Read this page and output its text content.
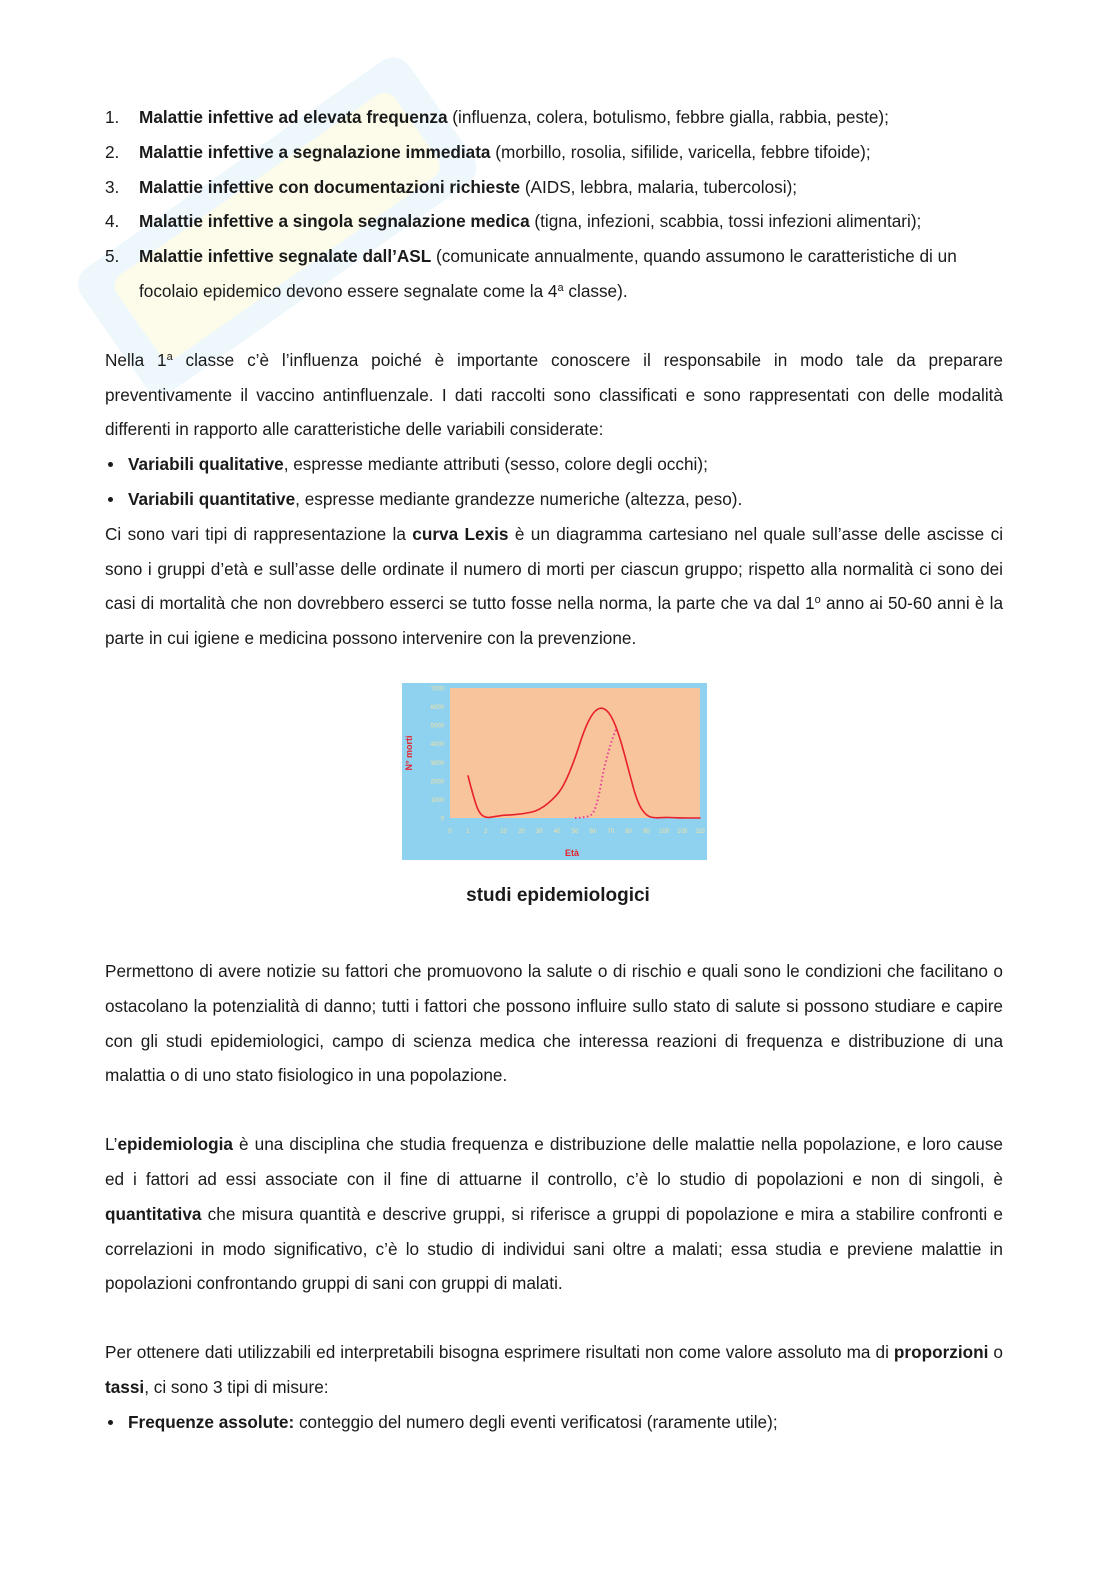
1. Malattie infettive ad elevata frequenza (influenza, colera, botulismo, febbre gialla, rabbia, peste);
2. Malattie infettive a segnalazione immediata (morbillo, rosolia, sifilide, varicella, febbre tifoide);
3. Malattie infettive con documentazioni richieste (AIDS, lebbra, malaria, tubercolosi);
4. Malattie infettive a singola segnalazione medica (tigna, infezioni, scabbia, tossi infezioni alimentari);
5. Malattie infettive segnalate dall’ASL (comunicate annualmente, quando assumono le caratteristiche di un focolaio epidemico devono essere segnalate come la 4$^a$ classe).

Nella 1$^a$ classe c’è l’influenza poiché è importante conoscere il responsabile in modo tale da preparare preventivamente il vaccino antinfluenzale. I dati raccolti sono classificati e sono rappresentati con delle modalità differenti in rapporto alle caratteristiche delle variabili considerate:

Variabili qualitative, espresse mediante attributi (sesso, colore degli occhi);
Variabili quantitative, espresse mediante grandezze numeriche (altezza, peso).

Ci sono vari tipi di rappresentazione la curva Lexis è un diagramma cartesiano nel quale sull’asse delle ascisse ci sono i gruppi d’età e sull’asse delle ordinate il numero di morti per ciascun gruppo; rispetto alla normalità ci sono dei casi di mortalità che non dovrebbero esserci se tutto fosse nella norma, la parte che va dal 1$^o$ anno ai 50-60 anni è la parte in cui igiene e medicina possono intervenire con la prevenzione.

0
1000
2000
3000
4000
5000
6000
7000
0 1 2 10 20 30 40 50 60 70 80 90 100 105 110
N° morti
Età
studi epidemiologici

Permettono di avere notizie su fattori che promuovono la salute o di rischio e quali sono le condizioni che facilitano o ostacolano la potenzialità di danno; tutti i fattori che possono influire sullo stato di salute si possono studiare e capire con gli studi epidemiologici, campo di scienza medica che interessa reazioni di frequenza e distribuzione di una malattia o di uno stato fisiologico in una popolazione.

L’epidemiologia è una disciplina che studia frequenza e distribuzione delle malattie nella popolazione, e loro cause ed i fattori ad essi associate con il fine di attuarne il controllo, c’è lo studio di popolazioni e non di singoli, è quantitativa che misura quantità e descrive gruppi, si riferisce a gruppi di popolazione e mira a stabilire confronti e correlazioni in modo significativo, c’è lo studio di individui sani oltre a malati; essa studia e previene malattie in popolazioni confrontando gruppi di sani con gruppi di malati.

Per ottenere dati utilizzabili ed interpretabili bisogna esprimere risultati non come valore assoluto ma di proporzioni o tassi, ci sono 3 tipi di misure:

Frequenze assolute: conteggio del numero degli eventi verificatosi (raramente utile);
